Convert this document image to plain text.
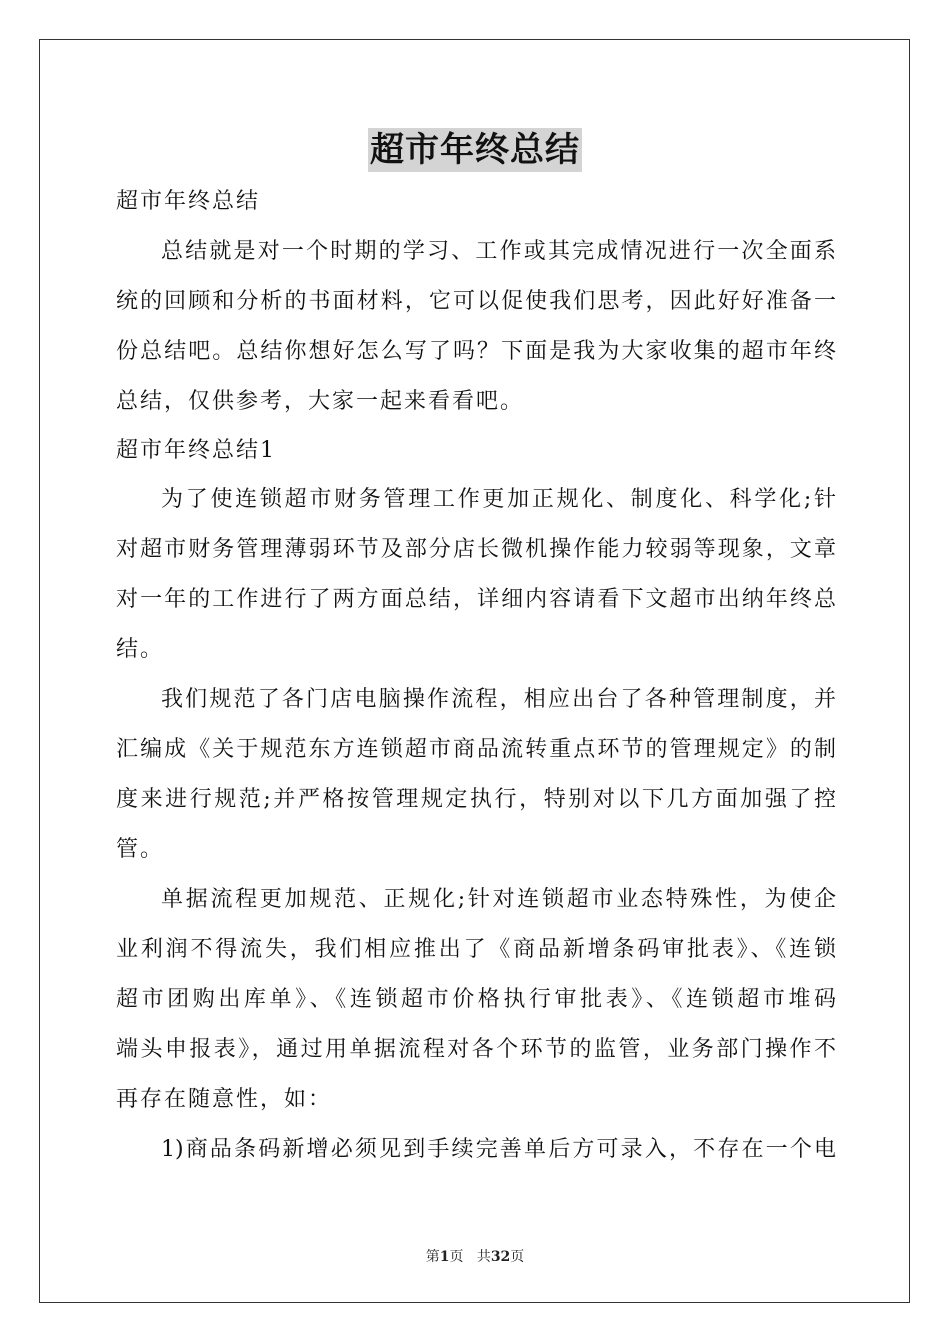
超市年终总结

超市年终总结

总结就是对一个时期的学习、工作或其完成情况进行一次全面系

统的回顾和分析的书面材料，它可以促使我们思考，因此好好准备一

份总结吧。总结你想好怎么写了吗？下面是我为大家收集的超市年终

总结，仅供参考，大家一起来看看吧。

超市年终总结1

为了使连锁超市财务管理工作更加正规化、制度化、科学化;针

对超市财务管理薄弱环节及部分店长微机操作能力较弱等现象，文章

对一年的工作进行了两方面总结，详细内容请看下文超市出纳年终总

结。

我们规范了各门店电脑操作流程，相应出台了各种管理制度，并

汇编成《关于规范东方连锁超市商品流转重点环节的管理规定》的制

度来进行规范;并严格按管理规定执行，特别对以下几方面加强了控

管。

单据流程更加规范、正规化;针对连锁超市业态特殊性，为使企

业利润不得流失，我们相应推出了《商品新增条码审批表》、《连锁

超市团购出库单》、《连锁超市价格执行审批表》、《连锁超市堆码

端头申报表》，通过用单据流程对各个环节的监管，业务部门操作不

再存在随意性，如：

1)商品条码新增必须见到手续完善单后方可录入，不存在一个电

第1页 共32页
